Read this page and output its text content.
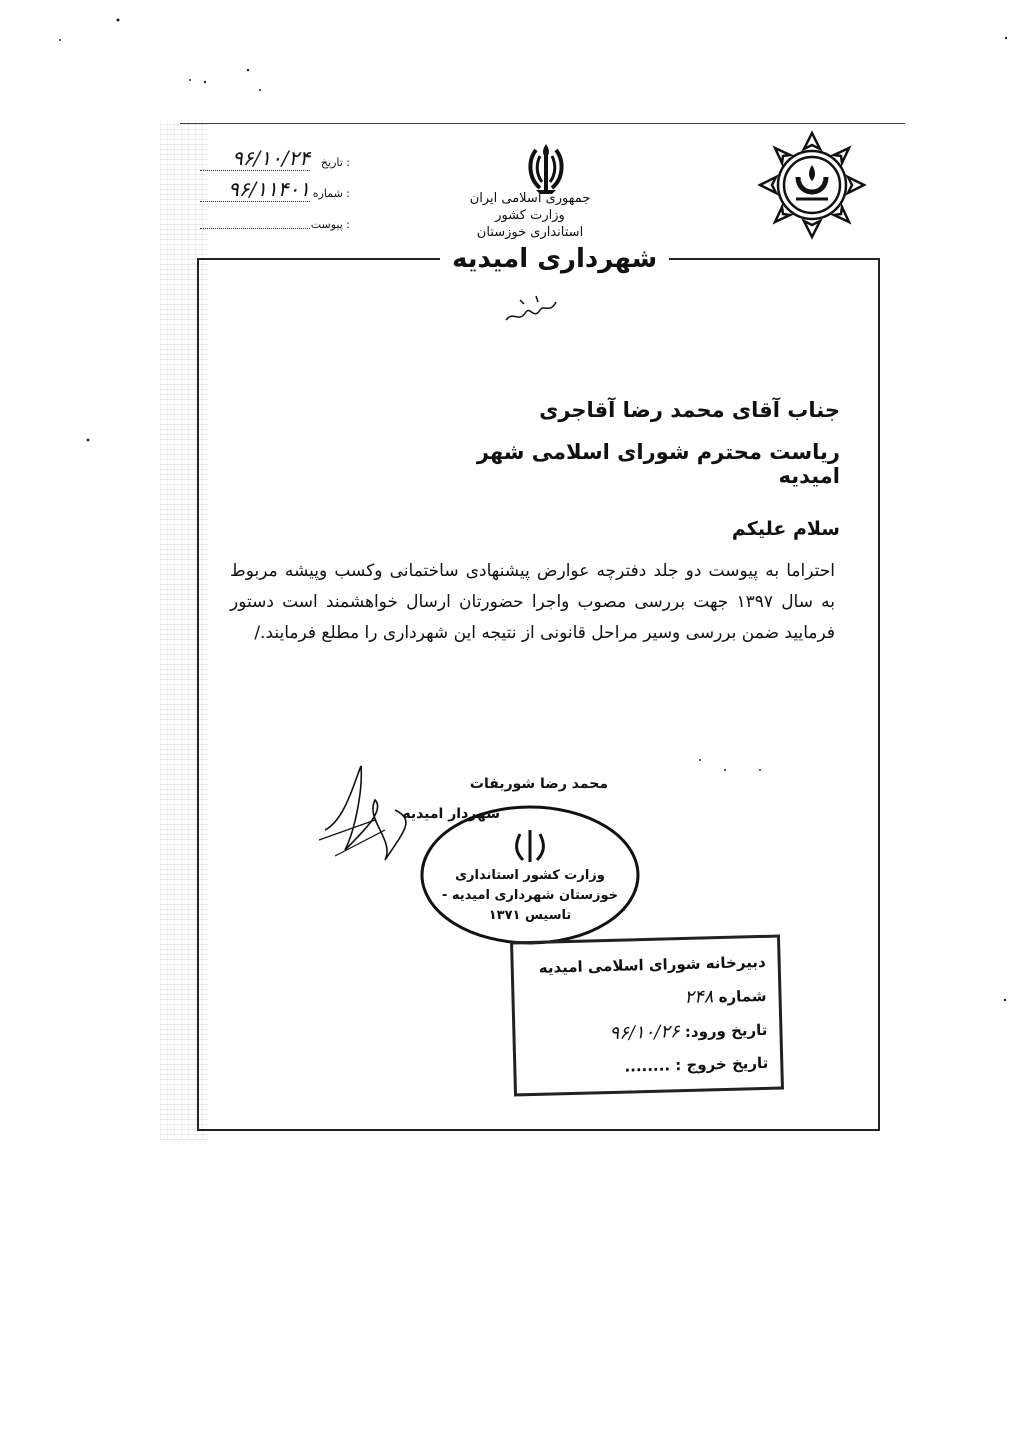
: تاریخ
۹۶/۱۰/۲۴
: شماره
۹۶/۱۱۴۰۱
: پیوست
جمهوری اسلامی ایران
وزارت کشور
استانداری خوزستان
شهرداری امیدیه
جناب آقای محمد رضا آقاجری
ریاست محترم شورای اسلامی شهر امیدیه
سلام علیکم
احتراما به پیوست دو جلد دفترچه عوارض پیشنهادی ساختمانی وکسب وپیشه مربوط به سال ۱۳۹۷ جهت بررسی مصوب واجرا حضورتان ارسال خواهشمند است دستور فرمایید ضمن بررسی وسیر مراحل قانونی از نتیجه این شهرداری را مطلع فرمایند./
محمد رضا شوریفات
شهردار امیدیه
وزارت کشور استانداری خوزستان شهرداری امیدیه - تاسیس ۱۳۷۱
دبیرخانه شورای اسلامی امیدیه
شماره ۲۴۸
تاریخ ورود: ۹۶/۱۰/۲۶
تاریخ خروج : ........
